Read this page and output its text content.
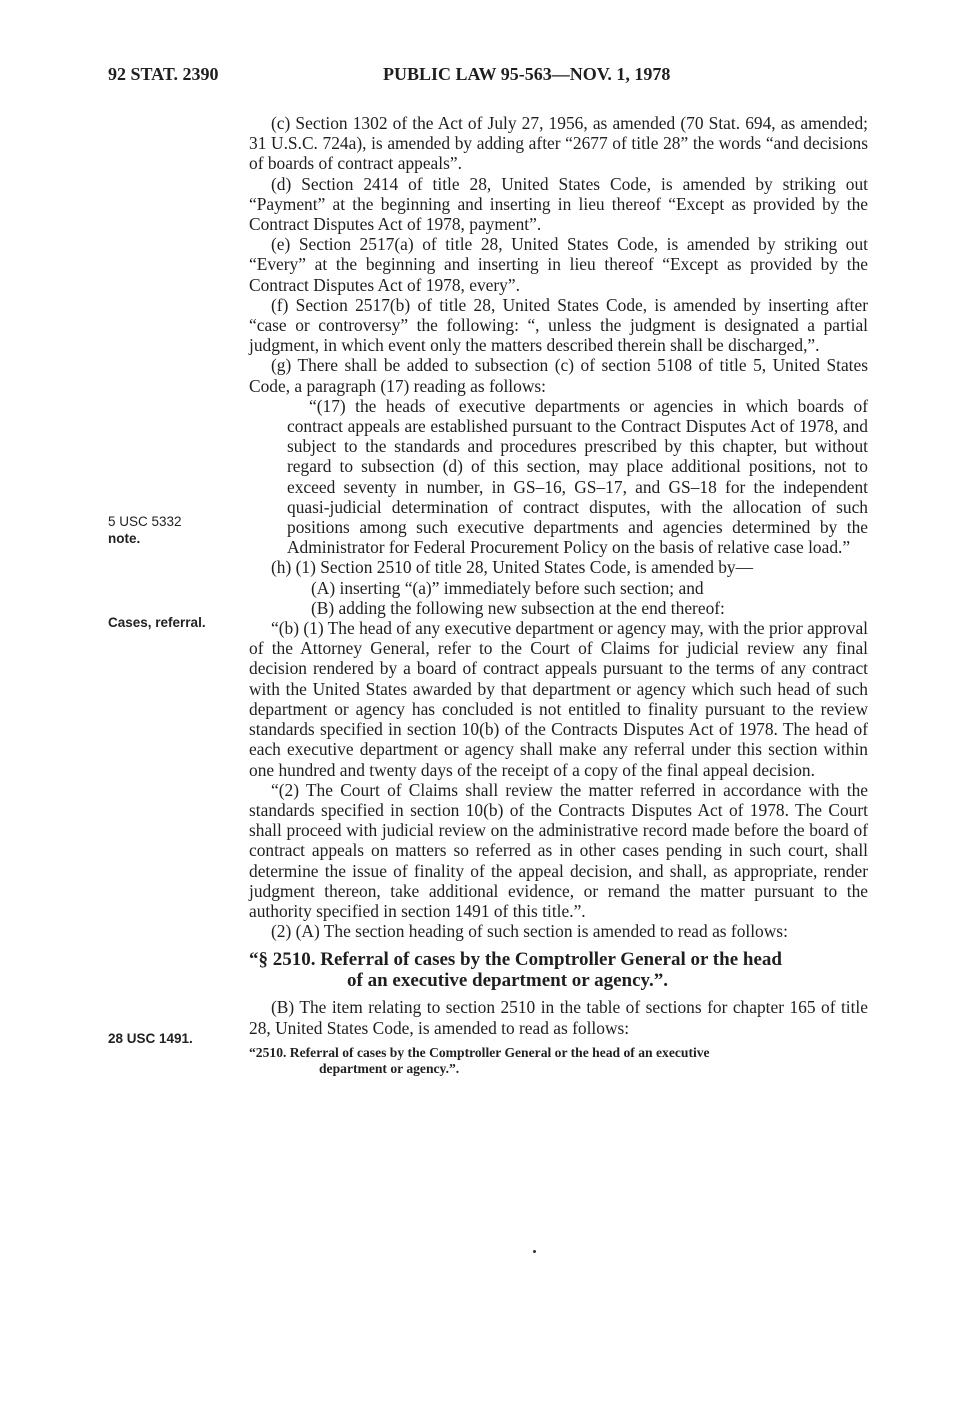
92 STAT. 2390	PUBLIC LAW 95-563—NOV. 1, 1978
5 USC 5332
note.
Cases, referral.
28 USC 1491.

(c) Section 1302 of the Act of July 27, 1956, as amended (70 Stat. 694, as amended; 31 U.S.C. 724a), is amended by adding after “2677 of title 28” the words “and decisions of boards of contract appeals”.

(d) Section 2414 of title 28, United States Code, is amended by striking out “Payment” at the beginning and inserting in lieu thereof “Except as provided by the Contract Disputes Act of 1978, payment”.

(e) Section 2517(a) of title 28, United States Code, is amended by striking out “Every” at the beginning and inserting in lieu thereof “Except as provided by the Contract Disputes Act of 1978, every”.

(f) Section 2517(b) of title 28, United States Code, is amended by inserting after “case or controversy” the following: “, unless the judgment is designated a partial judgment, in which event only the matters described therein shall be discharged,”.

(g) There shall be added to subsection (c) of section 5108 of title 5, United States Code, a paragraph (17) reading as follows:

“(17) the heads of executive departments or agencies in which boards of contract appeals are established pursuant to the Contract Disputes Act of 1978, and subject to the standards and procedures prescribed by this chapter, but without regard to subsection (d) of this section, may place additional positions, not to exceed seventy in number, in GS–16, GS–17, and GS–18 for the independent quasi-judicial determination of contract disputes, with the allocation of such positions among such executive departments and agencies determined by the Administrator for Federal Procurement Policy on the basis of relative case load.”

(h) (1) Section 2510 of title 28, United States Code, is amended by—

(A) inserting “(a)” immediately before such section; and

(B) adding the following new subsection at the end thereof:

“(b) (1) The head of any executive department or agency may, with the prior approval of the Attorney General, refer to the Court of Claims for judicial review any final decision rendered by a board of contract appeals pursuant to the terms of any contract with the United States awarded by that department or agency which such head of such department or agency has concluded is not entitled to finality pursuant to the review standards specified in section 10(b) of the Contracts Disputes Act of 1978. The head of each executive department or agency shall make any referral under this section within one hundred and twenty days of the receipt of a copy of the final appeal decision.

“(2) The Court of Claims shall review the matter referred in accordance with the standards specified in section 10(b) of the Contracts Disputes Act of 1978. The Court shall proceed with judicial review on the administrative record made before the board of contract appeals on matters so referred as in other cases pending in such court, shall determine the issue of finality of the appeal decision, and shall, as appropriate, render judgment thereon, take additional evidence, or remand the matter pursuant to the authority specified in section 1491 of this title.”.

(2) (A) The section heading of such section is amended to read as follows:

“§ 2510. Referral of cases by the Comptroller General or the head
of an executive department or agency.”.

(B) The item relating to section 2510 in the table of sections for chapter 165 of title 28, United States Code, is amended to read as follows:

“2510. Referral of cases by the Comptroller General or the head of an executive
department or agency.”.
